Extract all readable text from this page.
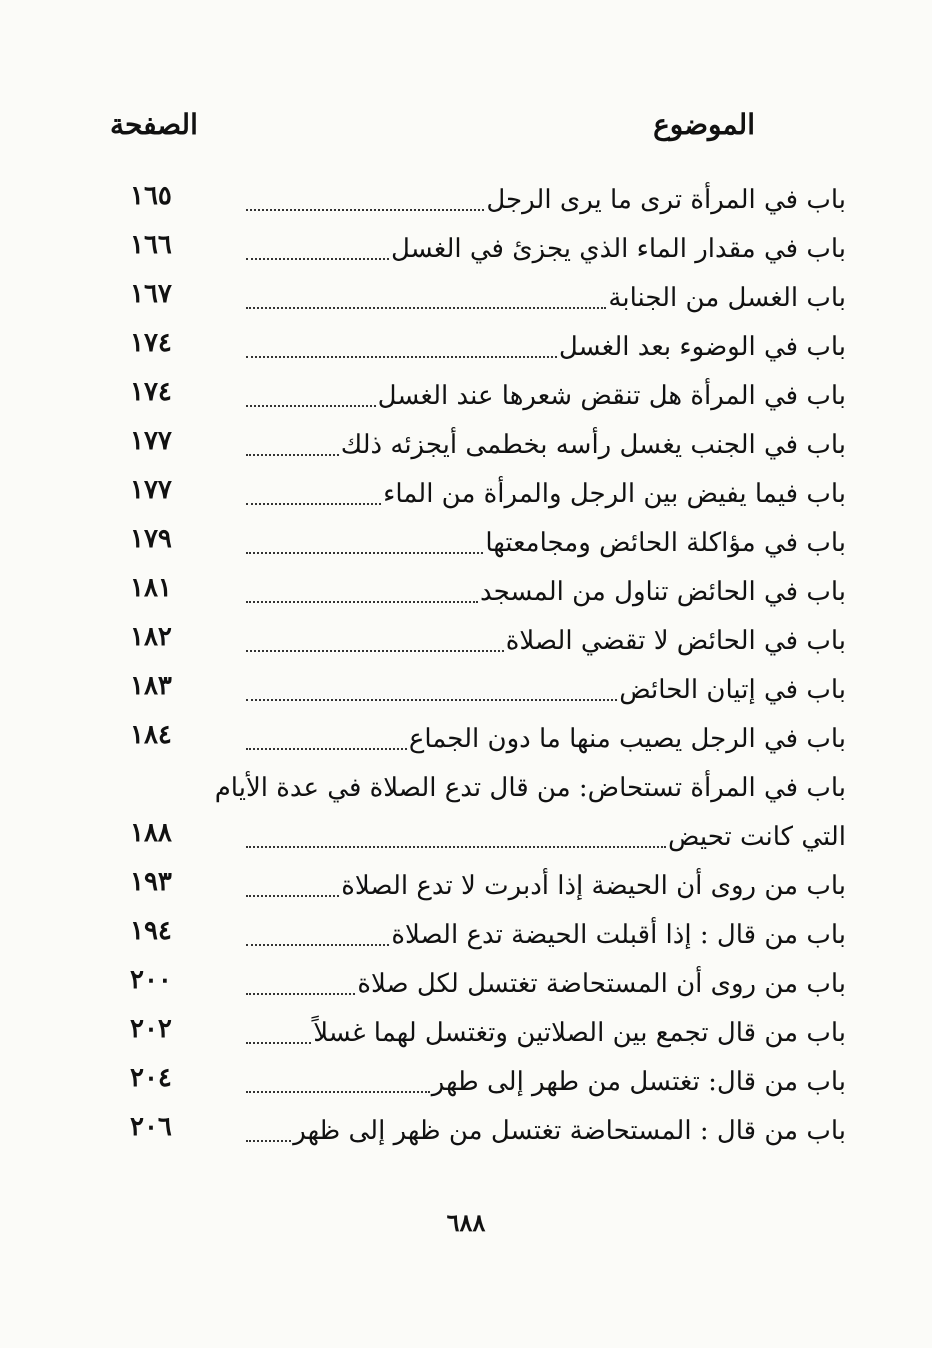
الموضوع
الصفحة
باب في المرأة ترى ما يرى الرجل
١٦٥
باب في مقدار الماء الذي يجزئ في الغسل
١٦٦
باب الغسل من الجنابة
١٦٧
باب في الوضوء بعد الغسل
١٧٤
باب في المرأة هل تنقض شعرها عند الغسل
١٧٤
باب في الجنب يغسل رأسه بخطمى أيجزئه ذلك
١٧٧
باب فيما يفيض بين الرجل والمرأة من الماء
١٧٧
باب في مؤاكلة الحائض ومجامعتها
١٧٩
باب في الحائض تناول من المسجد
١٨١
باب في الحائض لا تقضي الصلاة
١٨٢
باب في إتيان الحائض
١٨٣
باب في الرجل يصيب منها ما دون الجماع
١٨٤
باب في المرأة تستحاض: من قال تدع الصلاة في عدة الأيام
التي كانت تحيض
١٨٨
باب من روى أن الحيضة إذا أدبرت لا تدع الصلاة
١٩٣
باب من قال : إذا أقبلت الحيضة تدع الصلاة
١٩٤
باب من روى أن المستحاضة تغتسل لكل صلاة
٢٠٠
باب من قال تجمع بين الصلاتين وتغتسل لهما غسلاً
٢٠٢
باب من قال: تغتسل من طهر إلى طهر
٢٠٤
باب من قال : المستحاضة تغتسل من ظهر إلى ظهر
٢٠٦
٦٨٨
